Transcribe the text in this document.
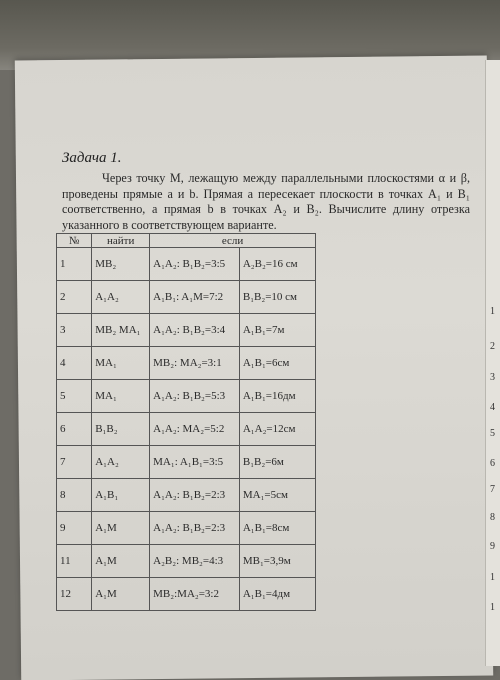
1
2
3
4
5
6
7
8
9
1
1

Задача 1.

Через точку M, лежащую между параллельными плоскостями α и β, проведены прямые a и b. Прямая a пересекает плоскости в точках A₁ и B₁ соответственно, а прямая b в точках A₂ и B₂. Вычислите длину отрезка указанного в соответствующем варианте.

№	найти	если	
1	MB₂	A₁A₂: B₁B₂=3:5	A₂B₂=16 см
2	A₁A₂	A₁B₁: A₁M=7:2	B₁B₂=10 см
3	MB₂ MA₁	A₁A₂: B₁B₂=3:4	A₁B₁=7м
4	MA₁	MB₂: MA₂=3:1	A₁B₁=6см
5	MA₁	A₁A₂: B₁B₂=5:3	A₁B₁=16дм
6	B₁B₂	A₁A₂: MA₂=5:2	A₁A₂=12см
7	A₁A₂	MA₁: A₁B₁=3:5	B₁B₂=6м
8	A₁B₁	A₁A₂: B₁B₂=2:3	MA₁=5см
9	A₁M	A₁A₂: B₁B₂=2:3	A₁B₁=8см
11	A₁M	A₂B₂: MB₂=4:3	MB₁=3,9м
12	A₁M	MB₂:MA₂=3:2	A₁B₁=4дм
